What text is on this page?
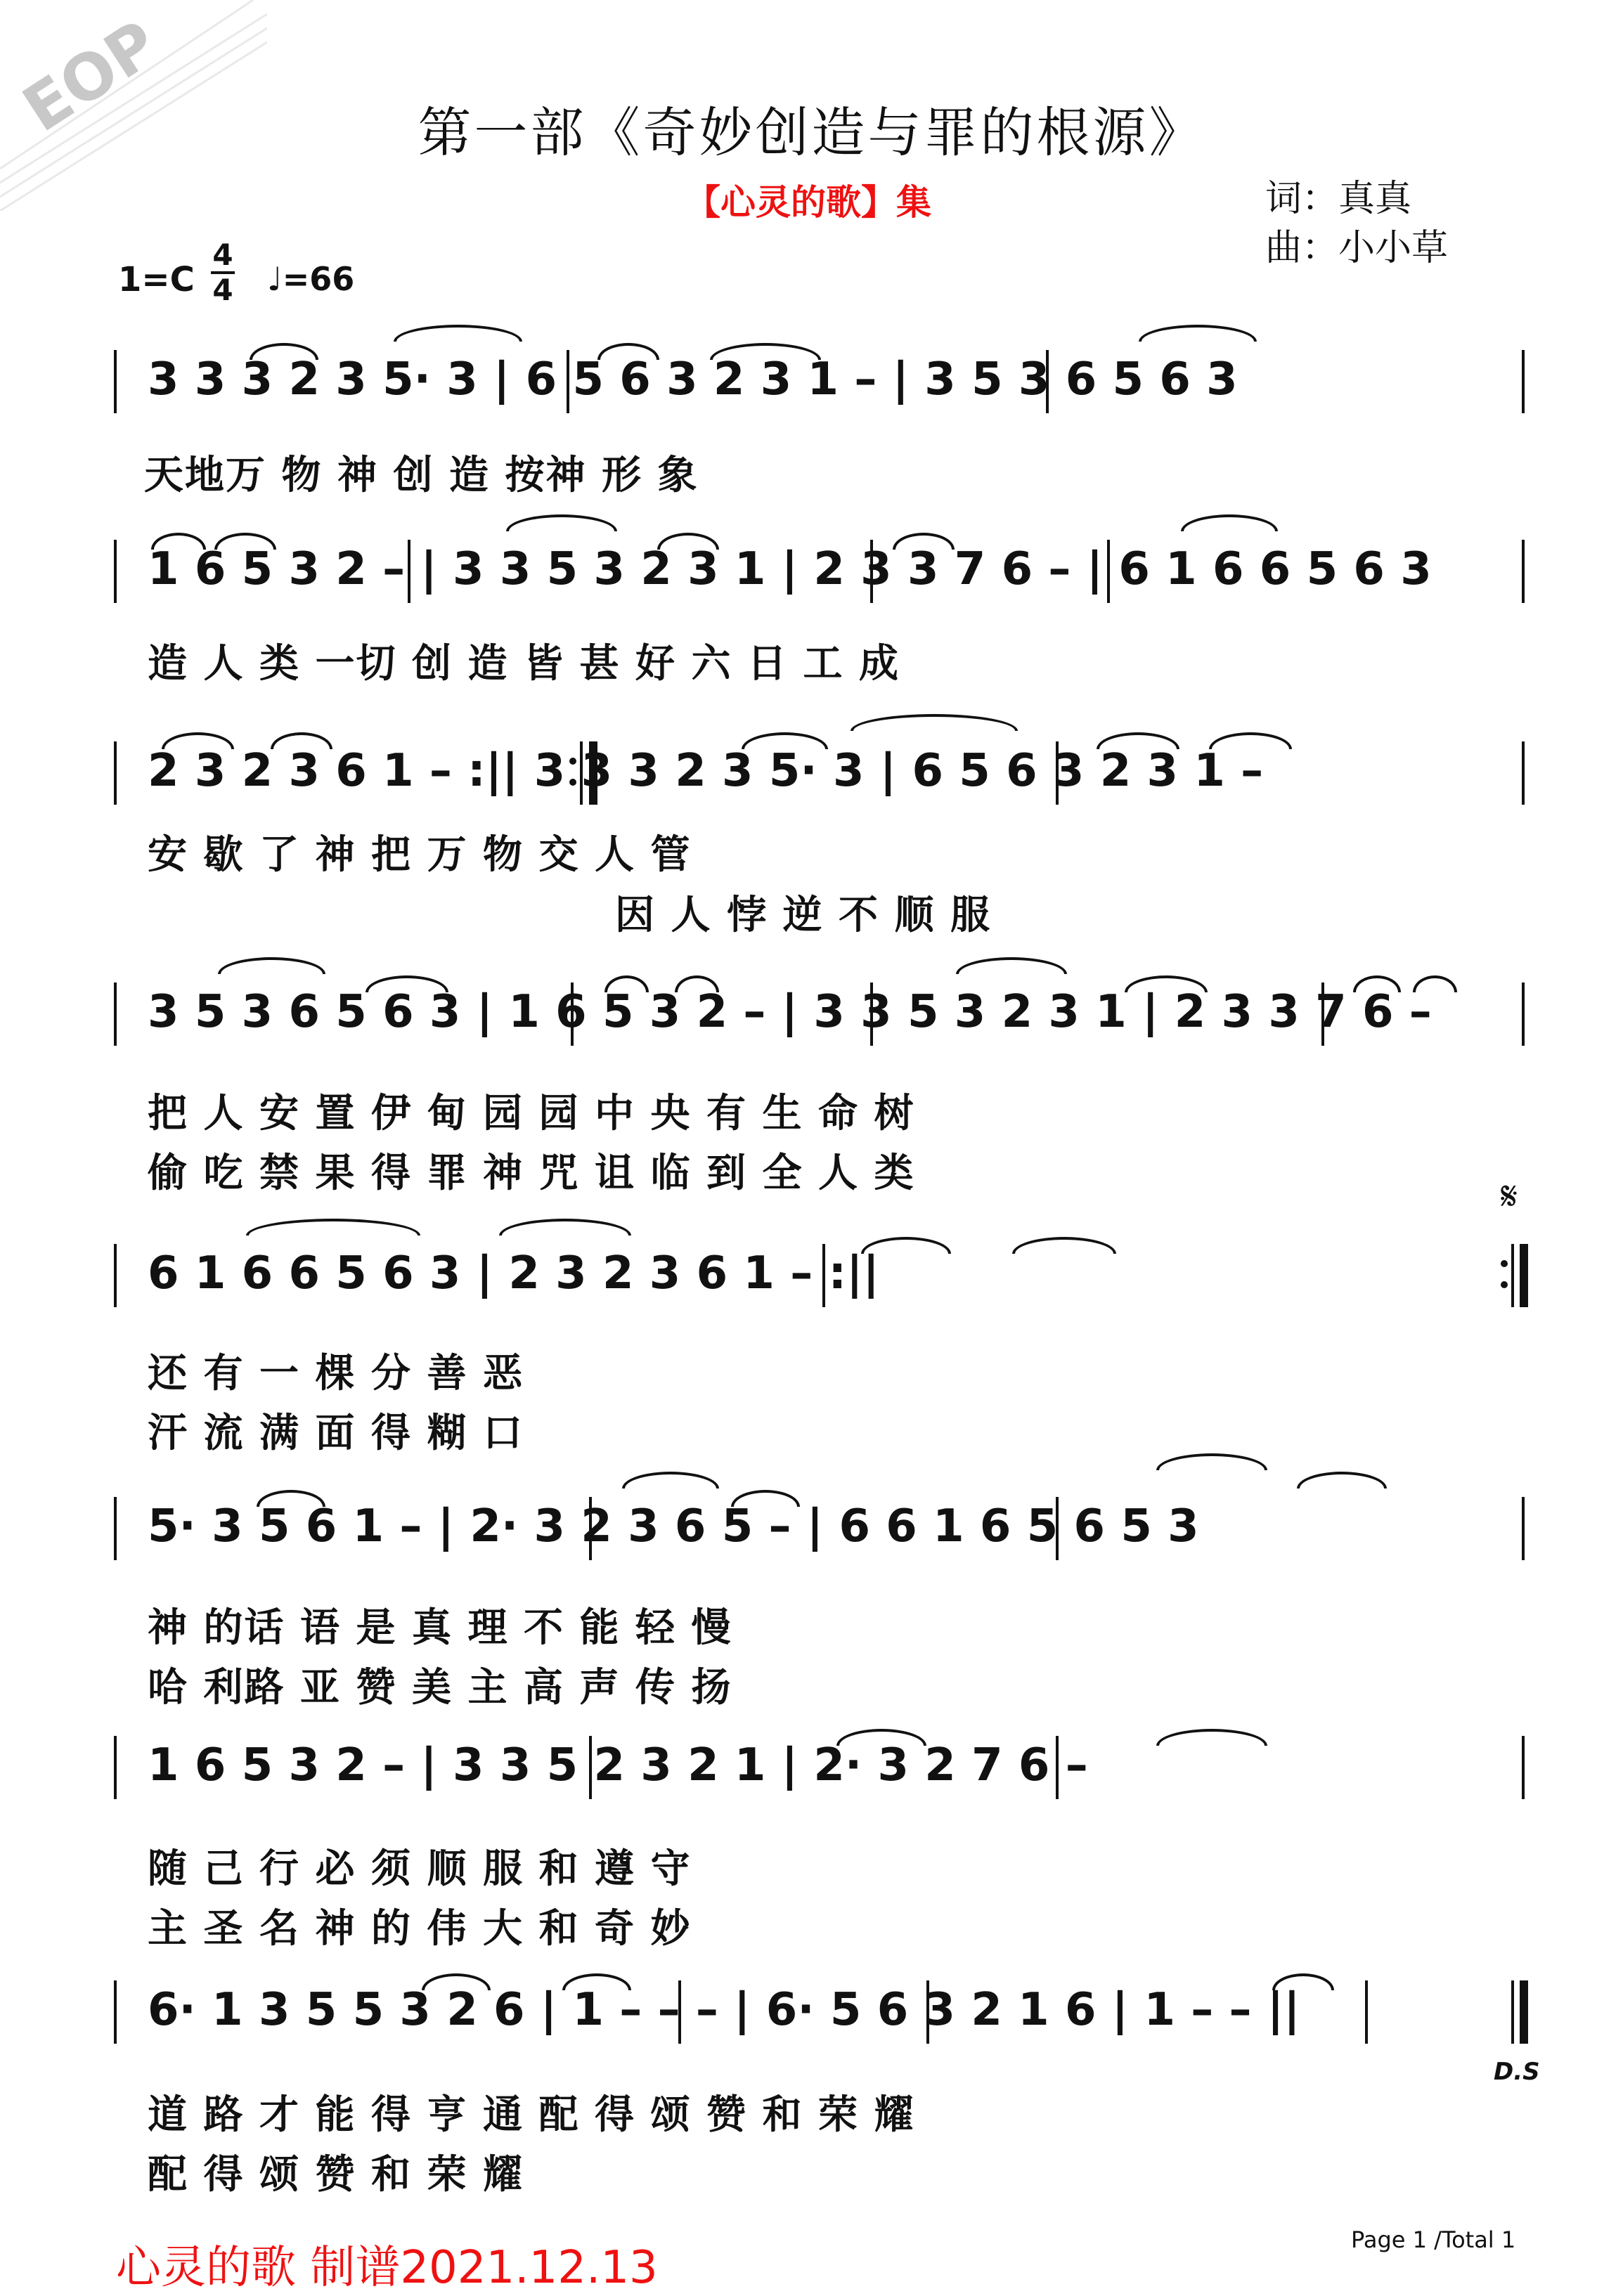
EOP	第一部《奇妙创造与罪的根源》
【心灵的歌】集	词：真真
曲：小小草
1=C
4
4 ♩=66
3 3 3 2 3 5· 3 | 6 5 6 3 2 3 1 – | 3 5 3 6 5 6 3
天地万 物 神 创 造 按神 形 象
1 6 5 3 2 – | 3 3 5 3 2 3 1 | 2 3 3 7 6 – | 6 1 6 6 5 6 3
造 人 类 一切 创 造 皆 甚 好 六 日 工 成
2 3 2 3 6 1 – :|| 3 3 3 2 3 5· 3 | 6 5 6 3 2 3 1 –
安 歇 了 神 把 万 物 交 人 管
因 人 悖 逆 不 顺 服
3 5 3 6 5 6 3 | 1 6 5 3 2 – | 3 3 5 3 2 3 1 | 2 3 3 7 6 –
把 人 安 置 伊 甸 园 园 中 央 有 生 命 树
偷 吃 禁 果 得 罪 神 咒 诅 临 到 全 人 类
𝄋
6 1 6 6 5 6 3 | 2 3 2 3 6 1 – :||
还 有 一 棵 分 善 恶
汗 流 满 面 得 糊 口
5· 3 5 6 1 – | 2· 3 2 3 6 5 – | 6 6 1 6 5 6 5 3
神 的话 语 是 真 理 不 能 轻 慢
哈 利路 亚 赞 美 主 高 声 传 扬
1 6 5 3 2 – | 3 3 5 2 3 2 1 | 2· 3 2 7 6 –
随 己 行 必 须 顺 服 和 遵 守
主 圣 名 神 的 伟 大 和 奇 妙
6· 1 3 5 5 3 2 6 | 1 – – – | 6· 5 6 3 2 1 6 | 1 – – ||
道 路 才 能 得 亨 通 配 得 颂 赞 和 荣 耀
配 得 颂 赞 和 荣 耀
D.S
心灵的歌 制谱2021.12.13
Page 1 /Total 1
